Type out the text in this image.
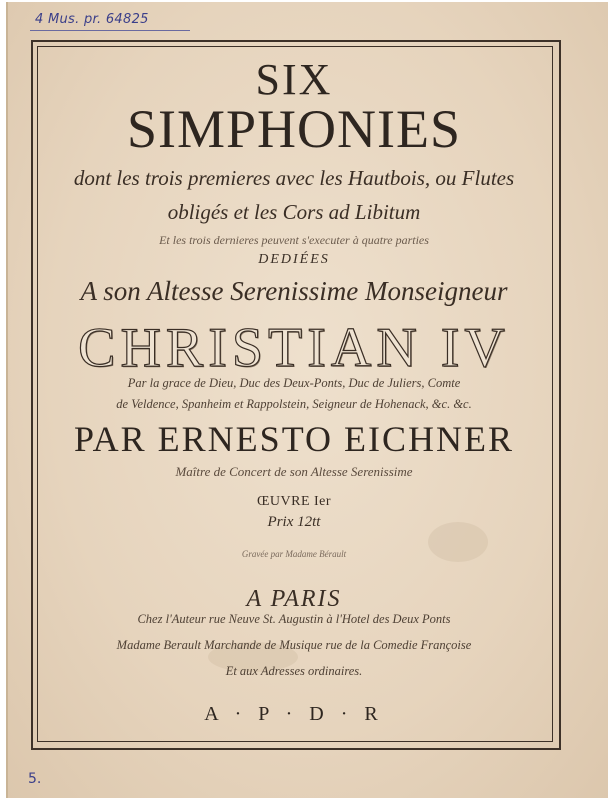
4 Mus. pr. 64825
SIX
SIMPHONIES
dont les trois premieres avec les Hautbois, ou Flutes
obligés et les Cors ad Libitum
Et les trois dernieres peuvent s'executer à quatre parties
DEDIÉES
A son Altesse Serenissime Monseigneur
CHRISTIAN IV
Par la grace de Dieu, Duc des Deux-Ponts, Duc de Juliers, Comte
de Veldence, Spanheim et Rappolstein, Seigneur de Hohenack, &c. &c.
PAR ERNESTO EICHNER
Maître de Concert de son Altesse Serenissime
ŒUVRE Ier
Prix 12tt
Gravée par Madame Bérault
A PARIS
Chez l'Auteur rue Neuve St. Augustin à l'Hotel des Deux Ponts
Madame Berault Marchande de Musique rue de la Comedie Françoise
Et aux Adresses ordinaires.
A · P · D · R
5.
